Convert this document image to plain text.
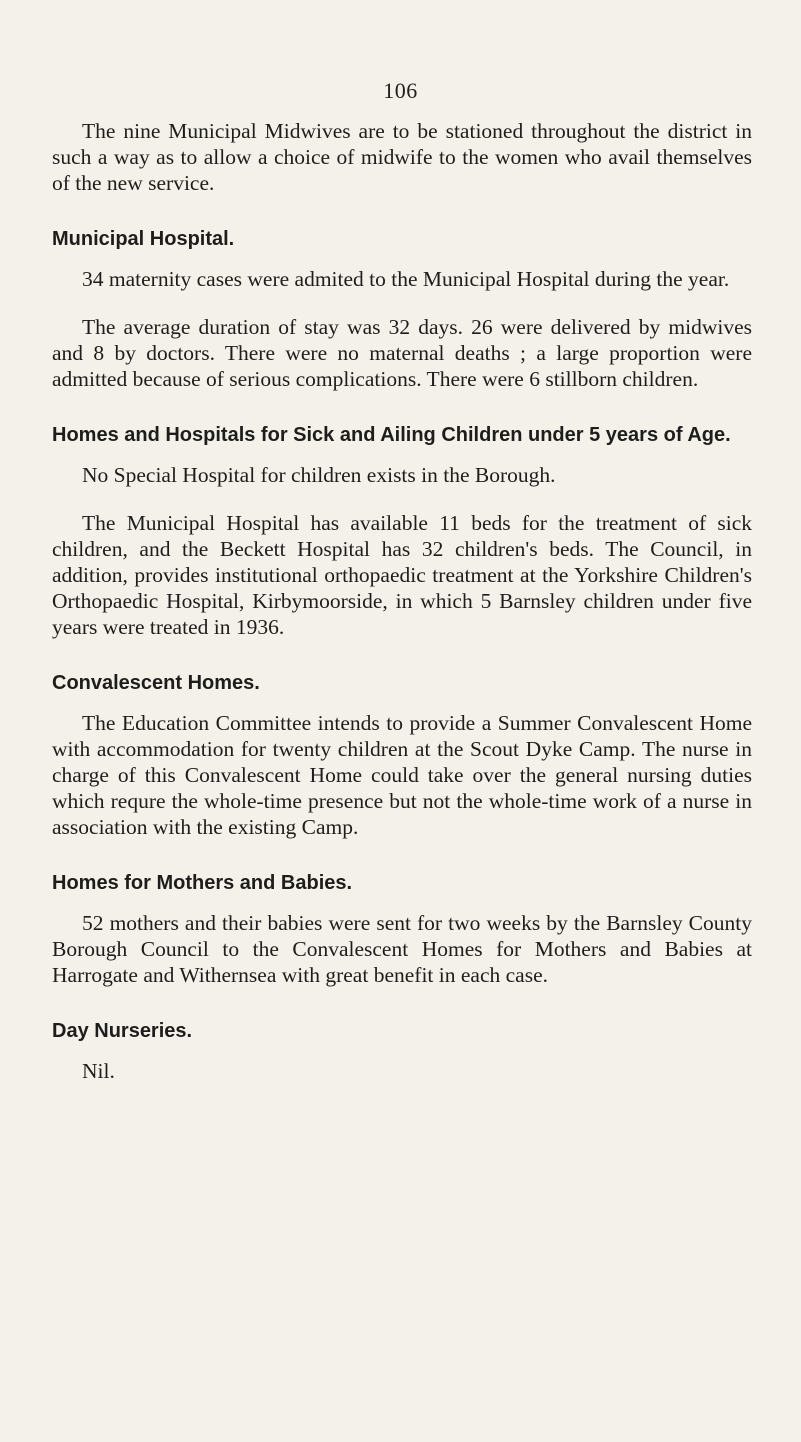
106

The nine Municipal Midwives are to be stationed throughout the district in such a way as to allow a choice of midwife to the women who avail themselves of the new service.

Municipal Hospital.

34 maternity cases were admited to the Municipal Hospital during the year.

The average duration of stay was 32 days. 26 were delivered by midwives and 8 by doctors. There were no maternal deaths ; a large proportion were admitted because of serious complications. There were 6 stillborn children.

Homes and Hospitals for Sick and Ailing Children under 5 years of Age.

No Special Hospital for children exists in the Borough.

The Municipal Hospital has available 11 beds for the treatment of sick children, and the Beckett Hospital has 32 children's beds. The Council, in addition, provides institutional orthopaedic treatment at the Yorkshire Children's Orthopaedic Hospital, Kirbymoorside, in which 5 Barnsley children under five years were treated in 1936.

Convalescent Homes.

The Education Committee intends to provide a Summer Convalescent Home with accommodation for twenty children at the Scout Dyke Camp. The nurse in charge of this Convalescent Home could take over the general nursing duties which requre the whole-time presence but not the whole-time work of a nurse in association with the existing Camp.

Homes for Mothers and Babies.

52 mothers and their babies were sent for two weeks by the Barnsley County Borough Council to the Convalescent Homes for Mothers and Babies at Harrogate and Withernsea with great benefit in each case.

Day Nurseries.

Nil.
